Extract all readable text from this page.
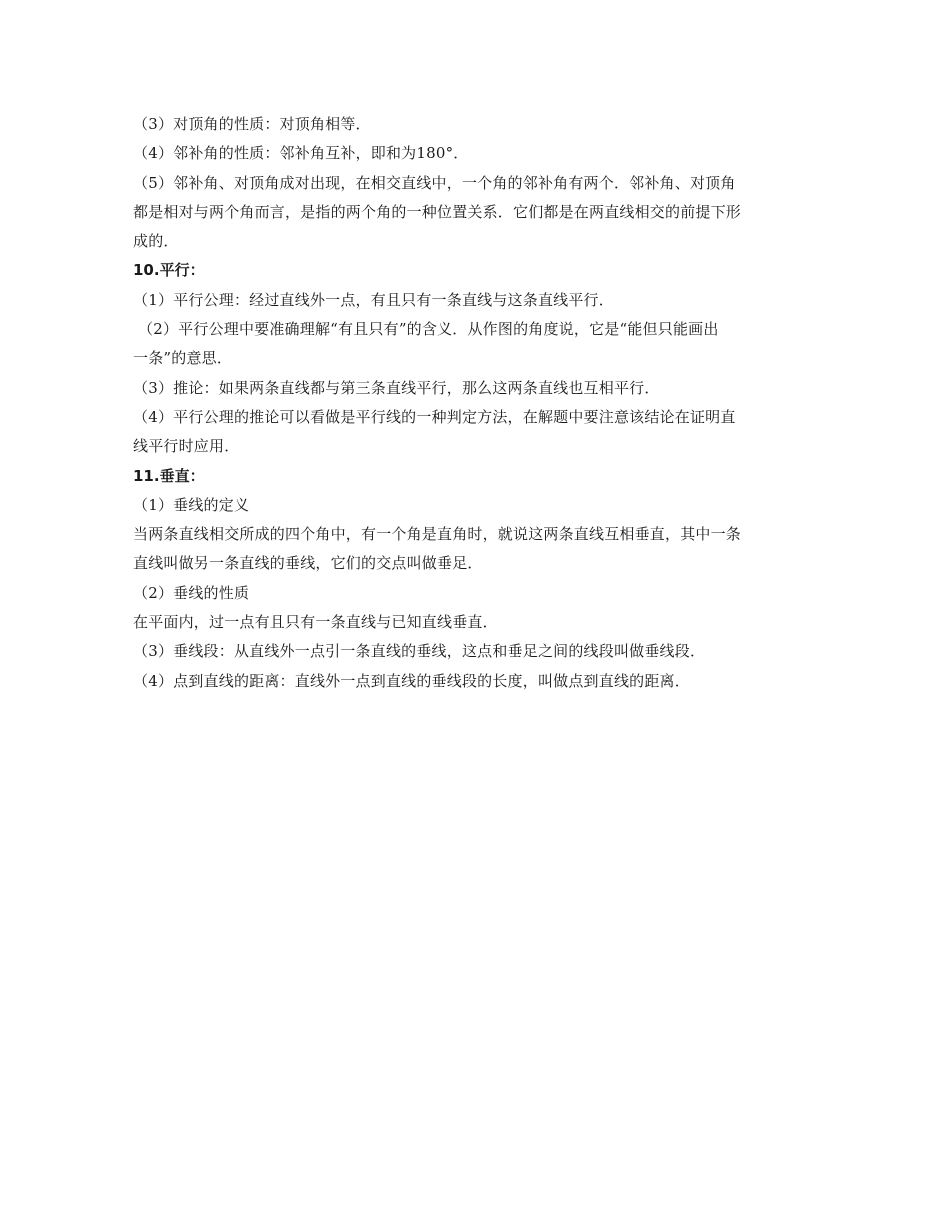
（3）对顶角的性质：对顶角相等．
（4）邻补角的性质：邻补角互补，即和为180°．
（5）邻补角、对顶角成对出现，在相交直线中，一个角的邻补角有两个．邻补角、对顶角
都是相对与两个角而言，是指的两个角的一种位置关系．它们都是在两直线相交的前提下形
成的．
10.平行：
（1）平行公理：经过直线外一点，有且只有一条直线与这条直线平行．
（2）平行公理中要准确理解“有且只有”的含义．从作图的角度说，它是“能但只能画出
一条”的意思．
（3）推论：如果两条直线都与第三条直线平行，那么这两条直线也互相平行．
（4）平行公理的推论可以看做是平行线的一种判定方法，在解题中要注意该结论在证明直
线平行时应用．
11.垂直：
（1）垂线的定义
当两条直线相交所成的四个角中，有一个角是直角时，就说这两条直线互相垂直，其中一条
直线叫做另一条直线的垂线，它们的交点叫做垂足．
（2）垂线的性质
在平面内，过一点有且只有一条直线与已知直线垂直．
（3）垂线段：从直线外一点引一条直线的垂线，这点和垂足之间的线段叫做垂线段．
（4）点到直线的距离：直线外一点到直线的垂线段的长度，叫做点到直线的距离．
